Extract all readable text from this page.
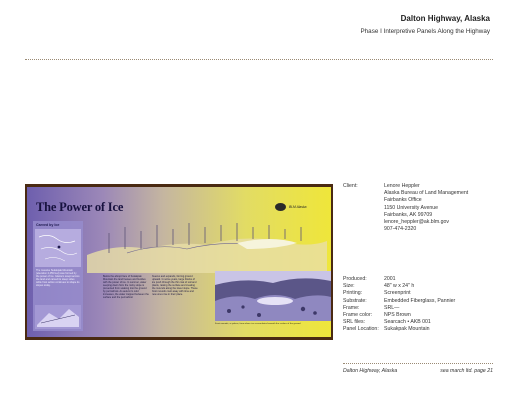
Dalton Highway, Alaska
Phase I Interpretive Panels Along the Highway
The Power of Ice	BLM Alaska
Carved by Ice
The massive Sukakpak Mountain (elevation 4,459 feet) was formed by the power of ice. Glaciers swept across the land and carved its steep sides while frost action continues to shape its slopes today.
Below the abrupt face of Sukakpak Mountain the land heaves and buckles with the power of ice. In summer, water seeping down from the rocky slope is prevented from soaking into the ground by permafrost. As autumn's cold increases, the water trapped between the surface and the permafrost
freezes and expands, forcing ground upward. In some years, large blocks of ice push through the thin mat of soil and plants, raising the surface and creating the mounds along the lower slope. These frost mounds melt away with time and new ones rise in their place.
Frost mounds, or palsas, form where ice accumulates beneath the surface of the ground.
Client:	Lenore Heppler
Alaska Bureau of Land Management
Fairbanks Office
1150 University Avenue
Fairbanks, AK 99709
lenore_heppler@ak.blm.gov
907-474-2320
Produced:	2001
Size:	48" w x 24" h
Printing:	Screenprint
Substrate:	Embedded Fiberglass, Pannier
Frame:	SRL—
Frame color:	NPS Brown
SRL files:	Searcach • AKB 001
Panel Location:	Sukakpak Mountain
Dalton Highway, Alaska	sea march ltd. page 21
